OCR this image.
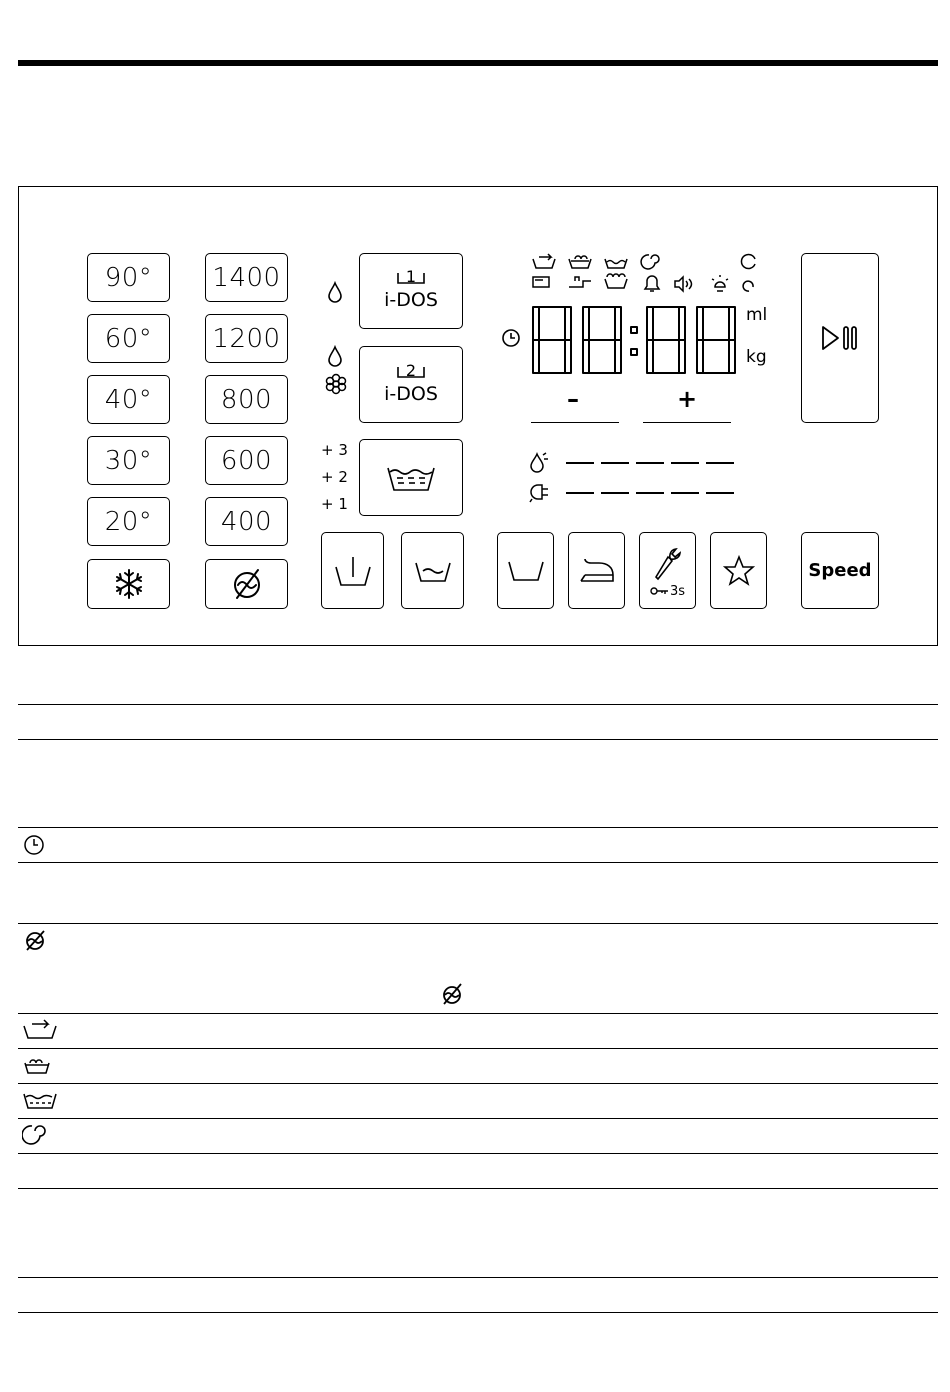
90°
60°
40°
30°
20°
1400
1200
800
600
400
1
i-DOS
2
i-DOS
+ 3
+ 2
+ 1
3s
Speed
ml
kg
–	+
